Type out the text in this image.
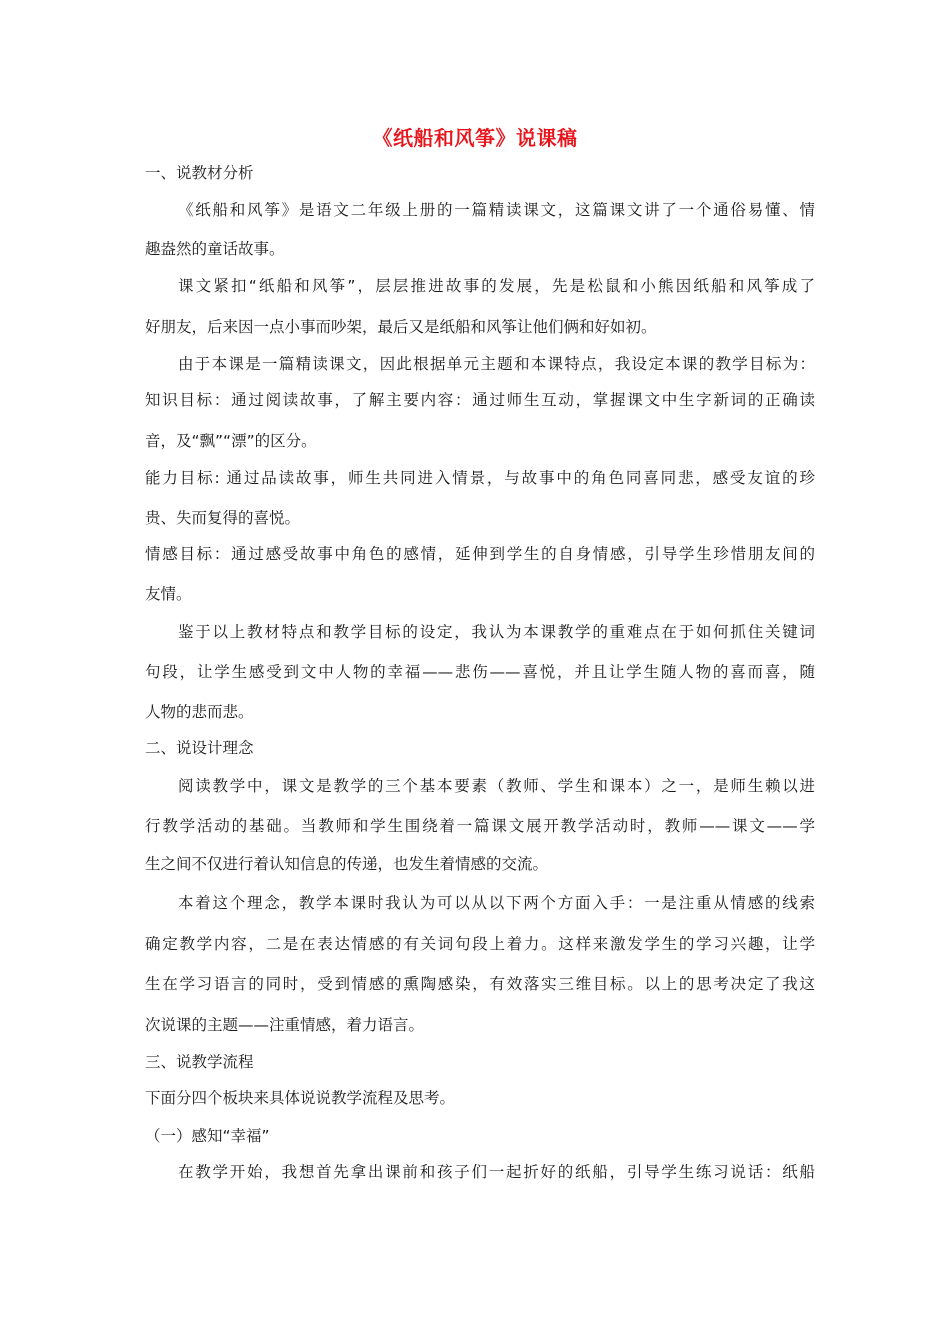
《纸船和风筝》说课稿
一、说教材分析
《纸船和风筝》是语文二年级上册的一篇精读课文，这篇课文讲了一个通俗易懂、情
趣盎然的童话故事。
课文紧扣“纸船和风筝”，层层推进故事的发展，先是松鼠和小熊因纸船和风筝成了
好朋友，后来因一点小事而吵架，最后又是纸船和风筝让他们俩和好如初。
由于本课是一篇精读课文，因此根据单元主题和本课特点，我设定本课的教学目标为：
知识目标：通过阅读故事，了解主要内容：通过师生互动，掌握课文中生字新词的正确读
音，及“飘”“漂”的区分。
能力目标: 通过品读故事，师生共同进入情景，与故事中的角色同喜同悲，感受友谊的珍
贵、失而复得的喜悦。
情感目标：通过感受故事中角色的感情，延伸到学生的自身情感，引导学生珍惜朋友间的
友情。
鉴于以上教材特点和教学目标的设定，我认为本课教学的重难点在于如何抓住关键词
句段，让学生感受到文中人物的幸福——悲伤——喜悦，并且让学生随人物的喜而喜，随
人物的悲而悲。
二、说设计理念
阅读教学中，课文是教学的三个基本要素（教师、学生和课本）之一，是师生赖以进
行教学活动的基础。当教师和学生围绕着一篇课文展开教学活动时，教师——课文——学
生之间不仅进行着认知信息的传递，也发生着情感的交流。
本着这个理念，教学本课时我认为可以从以下两个方面入手：一是注重从情感的线索
确定教学内容，二是在表达情感的有关词句段上着力。这样来激发学生的学习兴趣，让学
生在学习语言的同时，受到情感的熏陶感染，有效落实三维目标。以上的思考决定了我这
次说课的主题——注重情感，着力语言。
三、说教学流程
下面分四个板块来具体说说教学流程及思考。
（一）感知“幸福”
在教学开始，我想首先拿出课前和孩子们一起折好的纸船，引导学生练习说话：纸船
